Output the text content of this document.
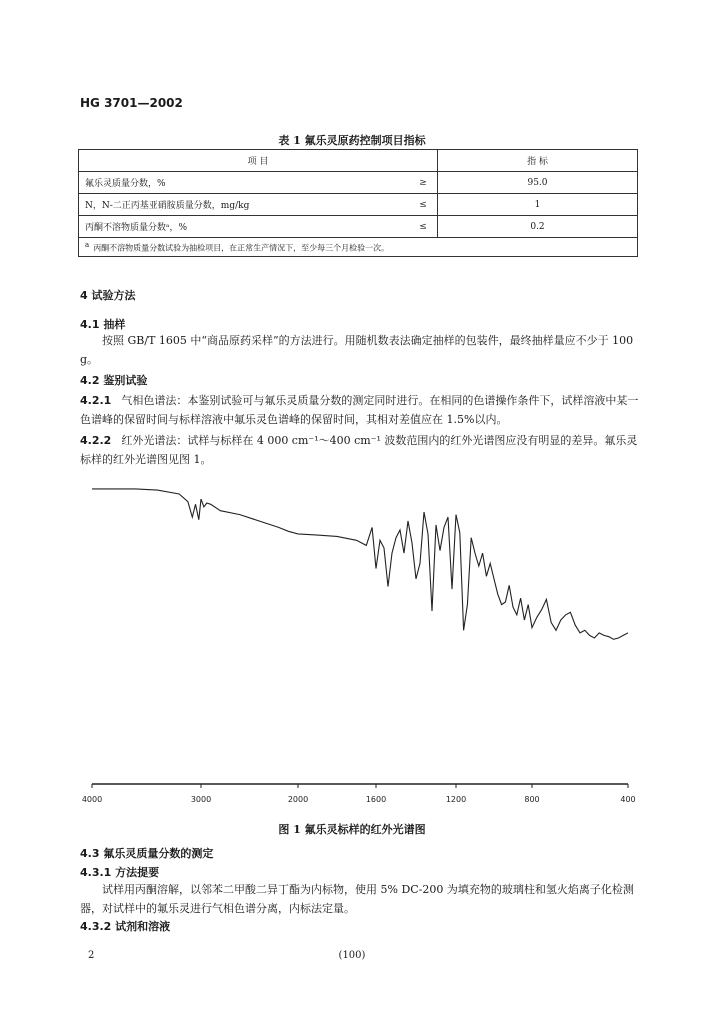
HG 3701—2002
表 1 氟乐灵原药控制项目指标
项 目		指 标
氟乐灵质量分数，%	≥	95.0
N，N-二正丙基亚硝胺质量分数，mg/kg	≤	1
丙酮不溶物质量分数ᵃ，%	≤	0.2
a 丙酮不溶物质量分数试验为抽检项目，在正常生产情况下，至少每三个月检验一次。		
4 试验方法
4.1 抽样
按照 GB/T 1605 中“商品原药采样”的方法进行。用随机数表法确定抽样的包装件，最终抽样量应不少于 100 g。
4.2 鉴别试验
4.2.1 气相色谱法：本鉴别试验可与氟乐灵质量分数的测定同时进行。在相同的色谱操作条件下，试样溶液中某一色谱峰的保留时间与标样溶液中氟乐灵色谱峰的保留时间，其相对差值应在 1.5%以内。
4.2.2 红外光谱法：试样与标样在 4 000 cm⁻¹～400 cm⁻¹ 波数范围内的红外光谱图应没有明显的差异。氟乐灵标样的红外光谱图见图 1。
4000	3000	2000	1600	1200	800	400
图 1 氟乐灵标样的红外光谱图
4.3 氟乐灵质量分数的测定
4.3.1 方法提要
试样用丙酮溶解，以邻苯二甲酸二异丁酯为内标物，使用 5% DC-200 为填充物的玻璃柱和氢火焰离子化检测器，对试样中的氟乐灵进行气相色谱分离，内标法定量。
4.3.2 试剂和溶液
2	(100)
